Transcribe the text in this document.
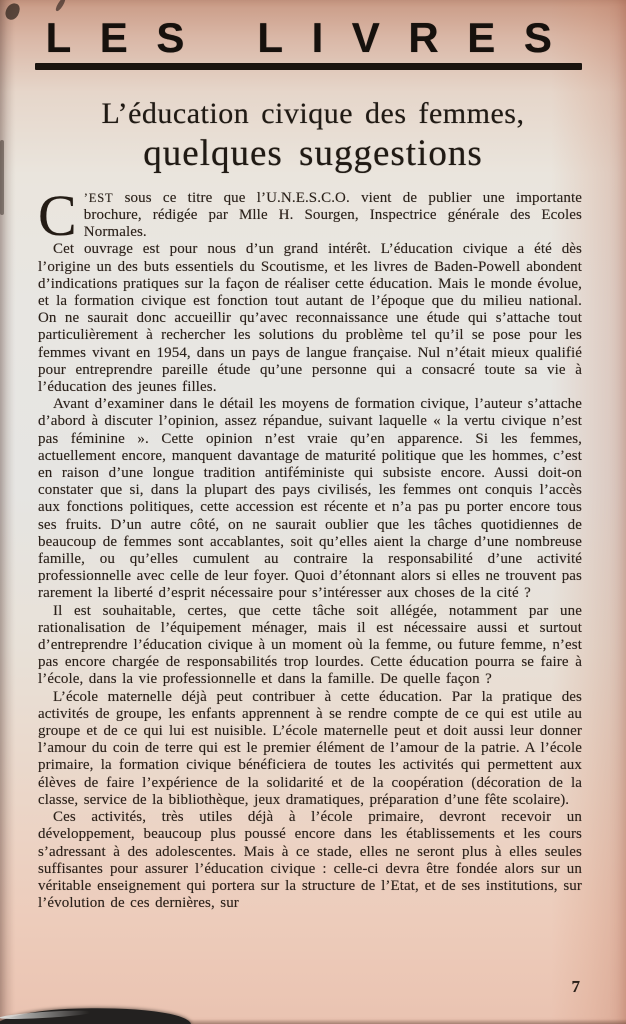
LES LIVRES
L’éducation civique des femmes,
quelques suggestions

C ’EST sous ce titre que l’U.N.E.S.C.O. vient de publier une importante brochure, rédigée par Mlle H. Sourgen, Inspectrice générale des Ecoles Normales.

Cet ouvrage est pour nous d’un grand intérêt. L’éducation civique a été dès l’origine un des buts essentiels du Scoutisme, et les livres de Baden-Powell abondent d’indications pratiques sur la façon de réaliser cette éducation. Mais le monde évolue, et la formation civique est fonction tout autant de l’époque que du milieu national. On ne saurait donc accueillir qu’avec reconnaissance une étude qui s’attache tout particulièrement à rechercher les solutions du problème tel qu’il se pose pour les femmes vivant en 1954, dans un pays de langue française. Nul n’était mieux qualifié pour entreprendre pareille étude qu’une personne qui a consacré toute sa vie à l’éducation des jeunes filles.

Avant d’examiner dans le détail les moyens de formation civique, l’auteur s’attache d’abord à discuter l’opinion, assez répandue, suivant laquelle « la vertu civique n’est pas féminine ». Cette opinion n’est vraie qu’en apparence. Si les femmes, actuellement encore, manquent davantage de maturité politique que les hommes, c’est en raison d’une longue tradition antiféministe qui subsiste encore. Aussi doit-on constater que si, dans la plupart des pays civilisés, les femmes ont conquis l’accès aux fonctions politiques, cette accession est récente et n’a pas pu porter encore tous ses fruits. D’un autre côté, on ne saurait oublier que les tâches quotidiennes de beaucoup de femmes sont accablantes, soit qu’elles aient la charge d’une nombreuse famille, ou qu’elles cumulent au contraire la responsabilité d’une activité professionnelle avec celle de leur foyer. Quoi d’étonnant alors si elles ne trouvent pas rarement la liberté d’esprit nécessaire pour s’intéresser aux choses de la cité ?

Il est souhaitable, certes, que cette tâche soit allégée, notamment par une rationalisation de l’équipement ménager, mais il est nécessaire aussi et surtout d’entreprendre l’éducation civique à un moment où la femme, ou future femme, n’est pas encore chargée de responsabilités trop lourdes. Cette éducation pourra se faire à l’école, dans la vie professionnelle et dans la famille. De quelle façon ?

L’école maternelle déjà peut contribuer à cette éducation. Par la pratique des activités de groupe, les enfants apprennent à se rendre compte de ce qui est utile au groupe et de ce qui lui est nuisible. L’école maternelle peut et doit aussi leur donner l’amour du coin de terre qui est le premier élément de l’amour de la patrie. A l’école primaire, la formation civique bénéficiera de toutes les activités qui permettent aux élèves de faire l’expérience de la solidarité et de la coopération (décoration de la classe, service de la bibliothèque, jeux dramatiques, préparation d’une fête scolaire).

Ces activités, très utiles déjà à l’école primaire, devront recevoir un développement, beaucoup plus poussé encore dans les établissements et les cours s’adressant à des adolescentes. Mais à ce stade, elles ne seront plus à elles seules suffisantes pour assurer l’éducation civique : celle-ci devra être fondée alors sur un véritable enseignement qui portera sur la structure de l’Etat, et de ses institutions, sur l’évolution de ces dernières, sur

7
